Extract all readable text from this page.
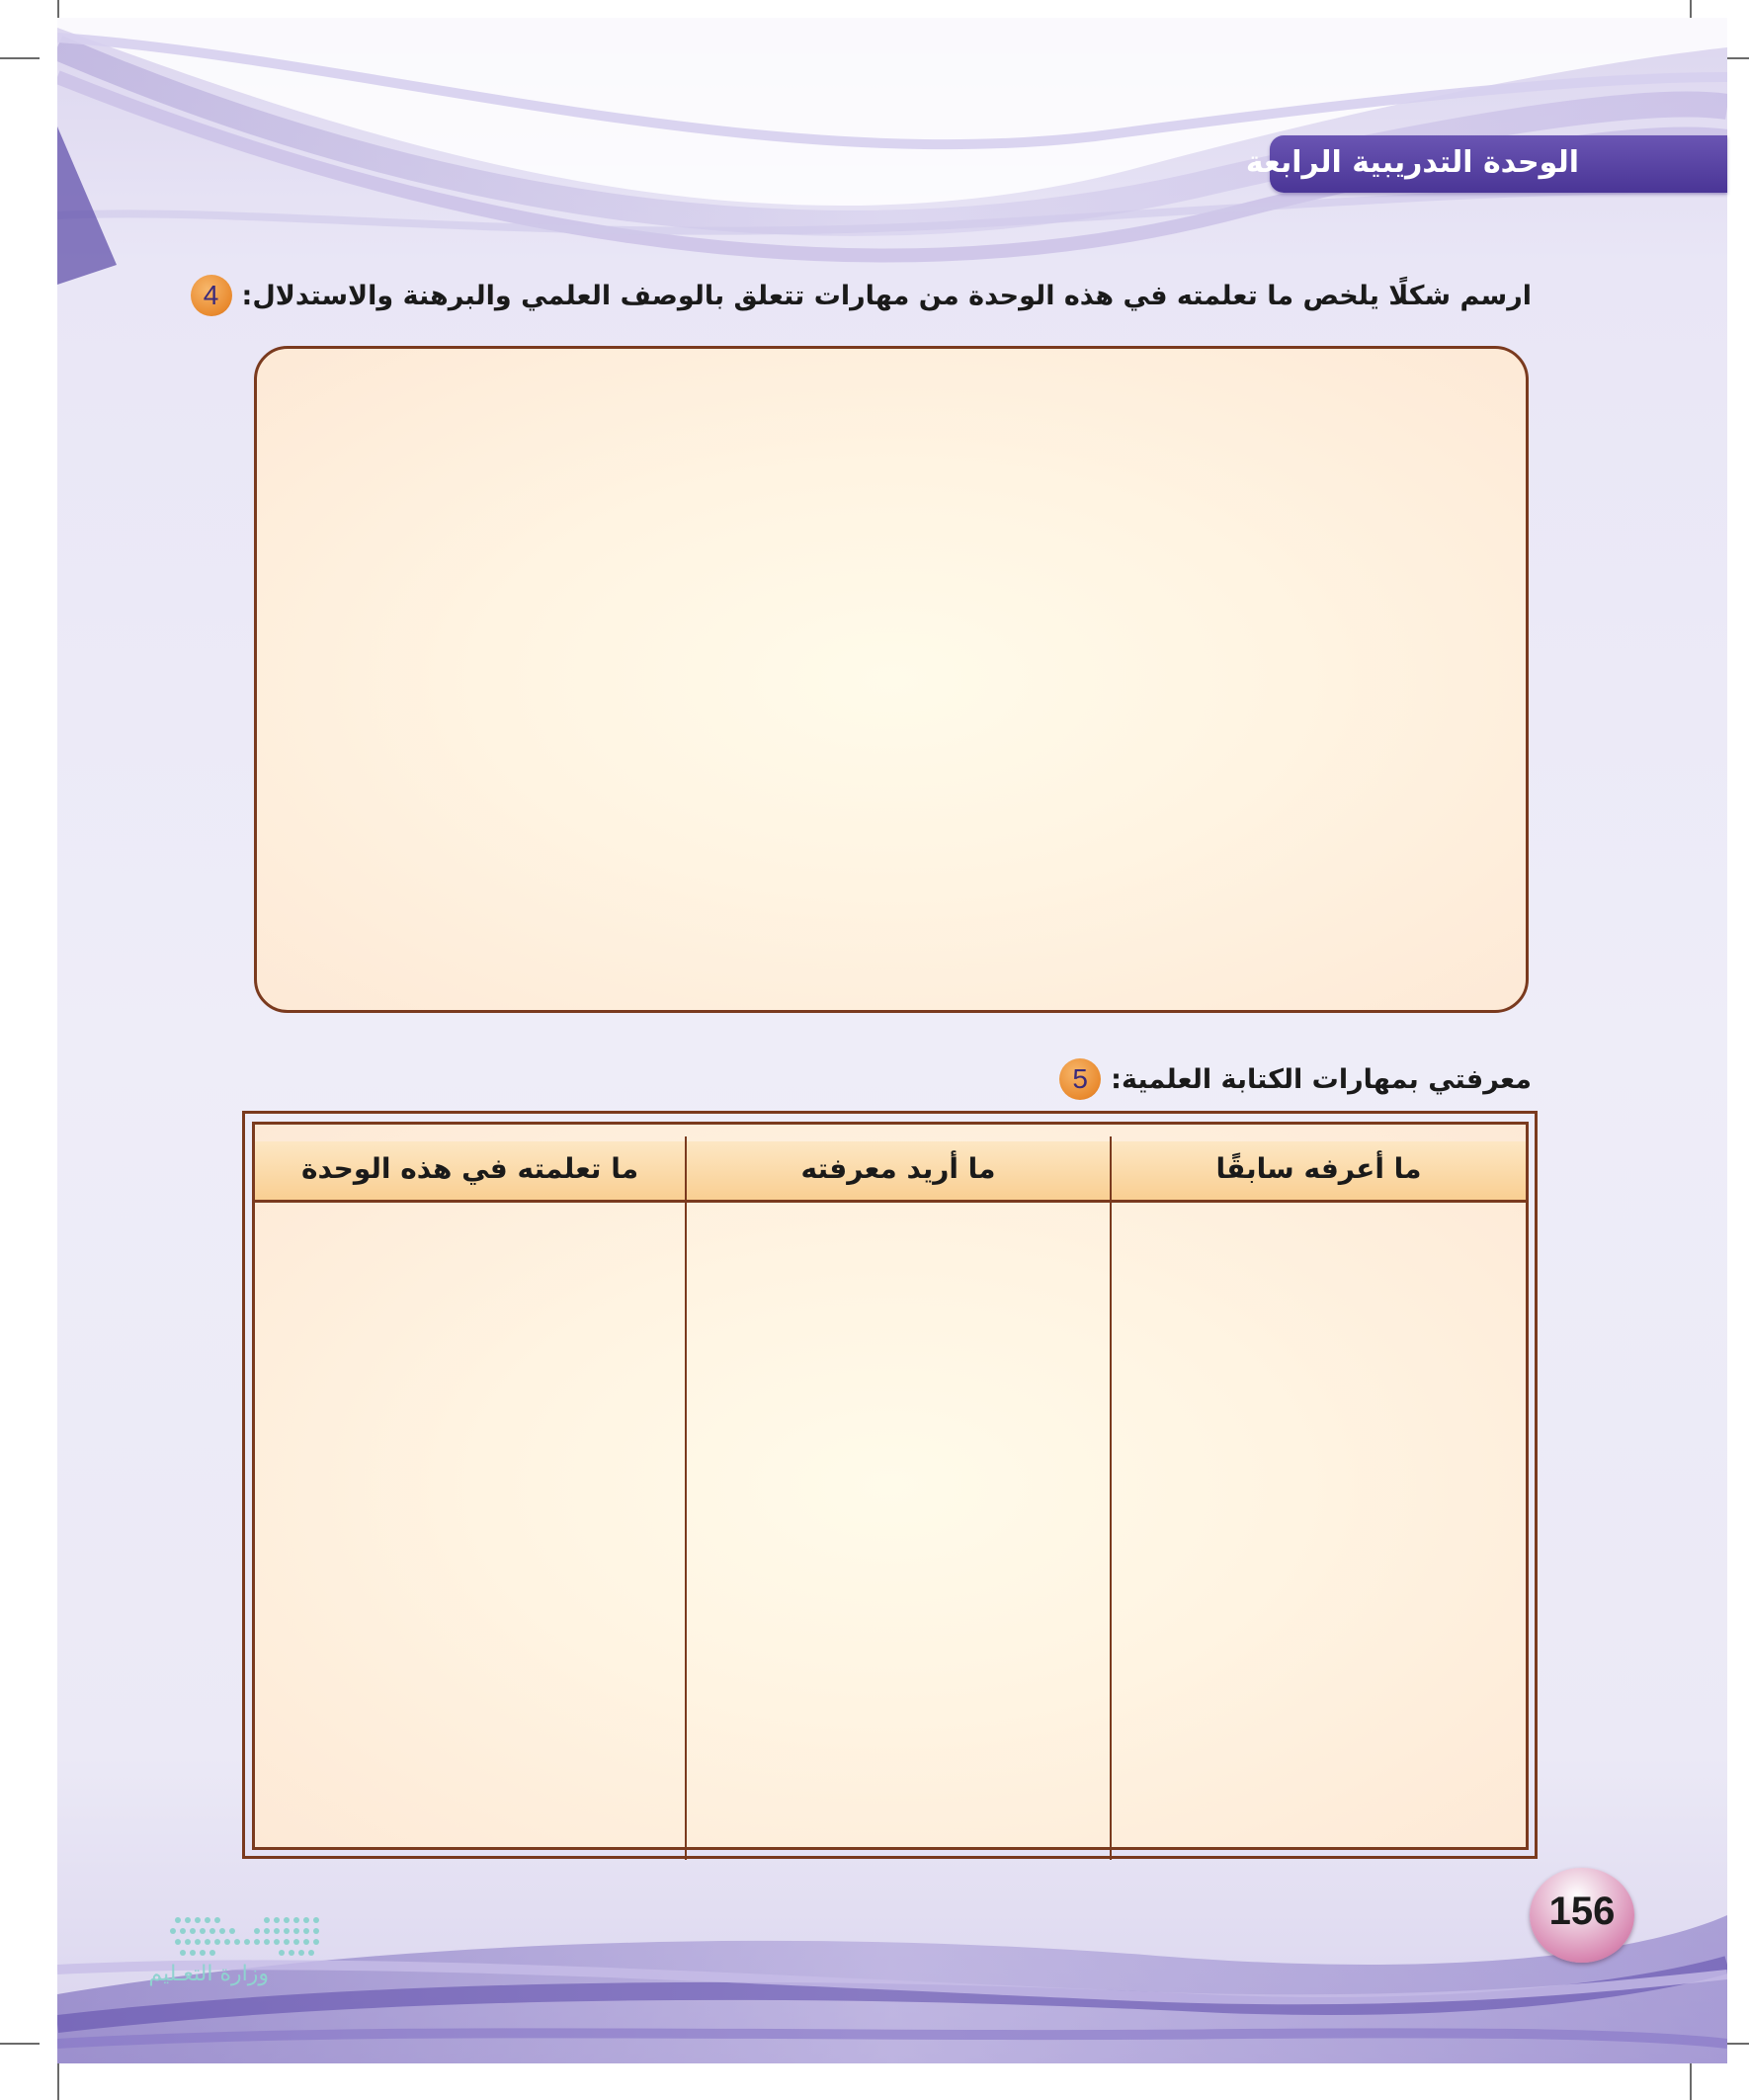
الوحدة التدريبية الرابعة
4 ارسم شكلًا يلخص ما تعلمته في هذه الوحدة من مهارات تتعلق بالوصف العلمي والبرهنة والاستدلال:
5 معرفتي بمهارات الكتابة العلمية:
ما أعرفه سابقًا
ما أريد معرفته
ما تعلمته في هذه الوحدة
156
وزارة التعـليم
